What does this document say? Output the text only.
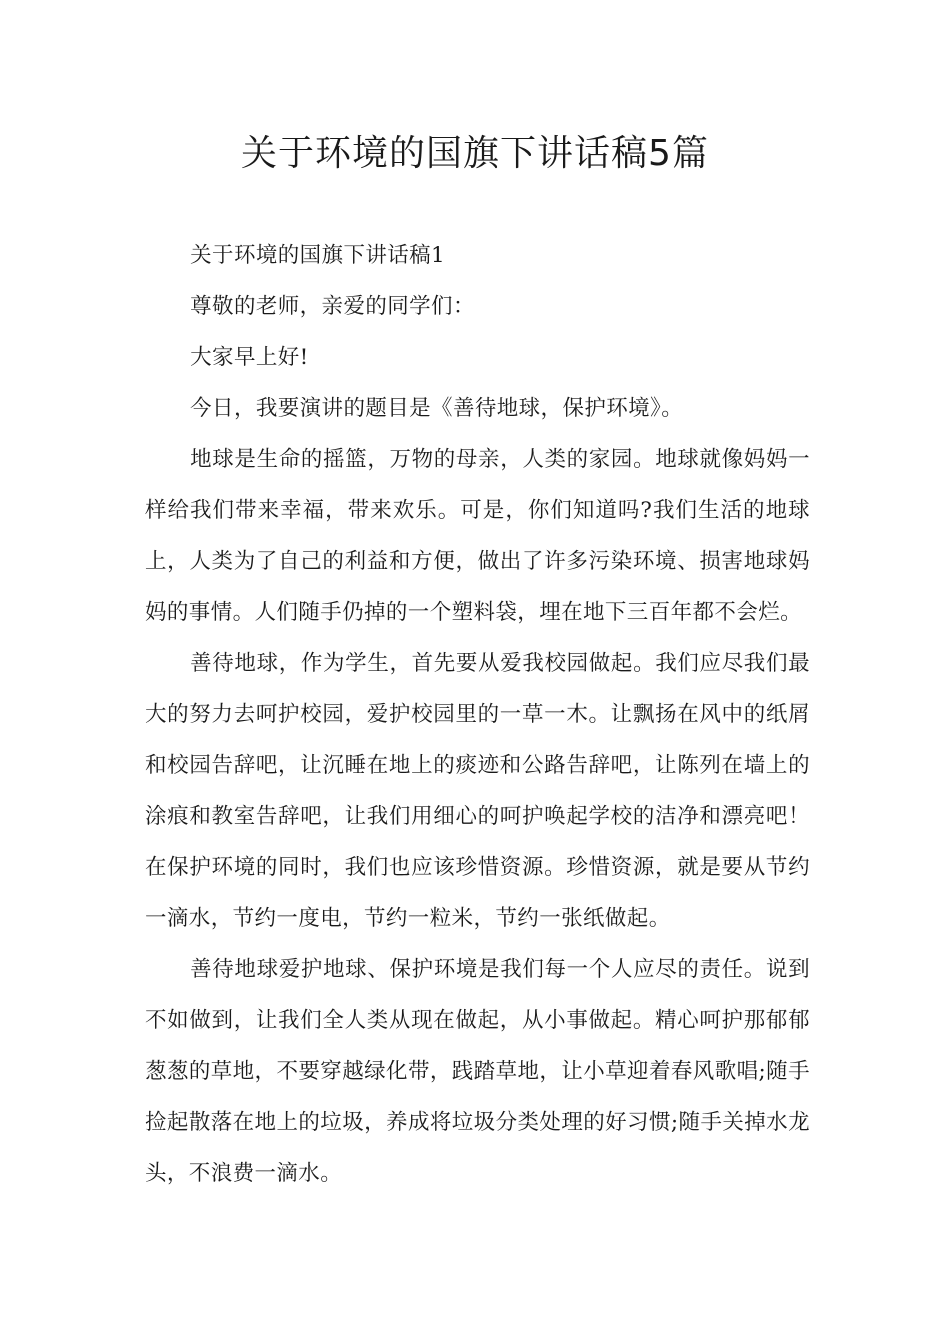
关于环境的国旗下讲话稿5篇

关于环境的国旗下讲话稿1

尊敬的老师，亲爱的同学们：

大家早上好!

今日，我要演讲的题目是《善待地球，保护环境》。

地球是生命的摇篮，万物的母亲，人类的家园。地球就像妈妈一样给我们带来幸福，带来欢乐。可是，你们知道吗?我们生活的地球上，人类为了自己的利益和方便，做出了许多污染环境、损害地球妈妈的事情。人们随手仍掉的一个塑料袋，埋在地下三百年都不会烂。

善待地球，作为学生，首先要从爱我校园做起。我们应尽我们最大的努力去呵护校园，爱护校园里的一草一木。让飘扬在风中的纸屑和校园告辞吧，让沉睡在地上的痰迹和公路告辞吧，让陈列在墙上的涂痕和教室告辞吧，让我们用细心的呵护唤起学校的洁净和漂亮吧！在保护环境的同时，我们也应该珍惜资源。珍惜资源，就是要从节约一滴水，节约一度电，节约一粒米，节约一张纸做起。

善待地球爱护地球、保护环境是我们每一个人应尽的责任。说到不如做到，让我们全人类从现在做起，从小事做起。精心呵护那郁郁葱葱的草地，不要穿越绿化带，践踏草地，让小草迎着春风歌唱;随手捡起散落在地上的垃圾，养成将垃圾分类处理的好习惯;随手关掉水龙头，不浪费一滴水。
